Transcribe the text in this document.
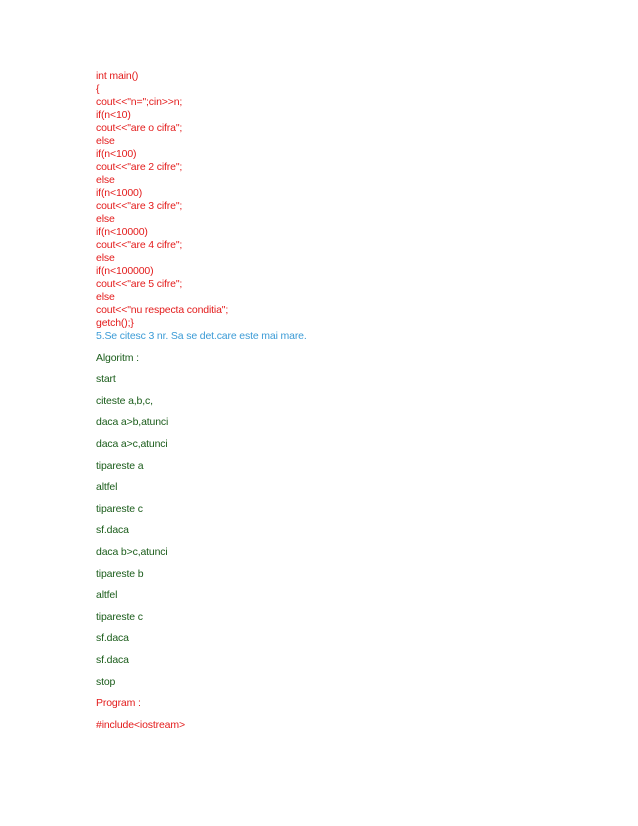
int main()

{

cout<<"n=";cin>>n;

if(n<10)

cout<<"are o cifra";

else

if(n<100)

cout<<"are 2 cifre";

else

if(n<1000)

cout<<"are 3 cifre";

else

if(n<10000)

cout<<"are 4 cifre";

else

if(n<100000)

cout<<"are 5 cifre";

else

cout<<"nu respecta conditia";

getch();}

5.Se citesc 3 nr. Sa se det.care este mai mare.

Algoritm :

start

citeste a,b,c,

daca a>b,atunci

daca a>c,atunci

tipareste a

altfel

tipareste c

sf.daca

daca b>c,atunci

tipareste b

altfel

tipareste c

sf.daca

sf.daca

stop

Program :

#include<iostream>
